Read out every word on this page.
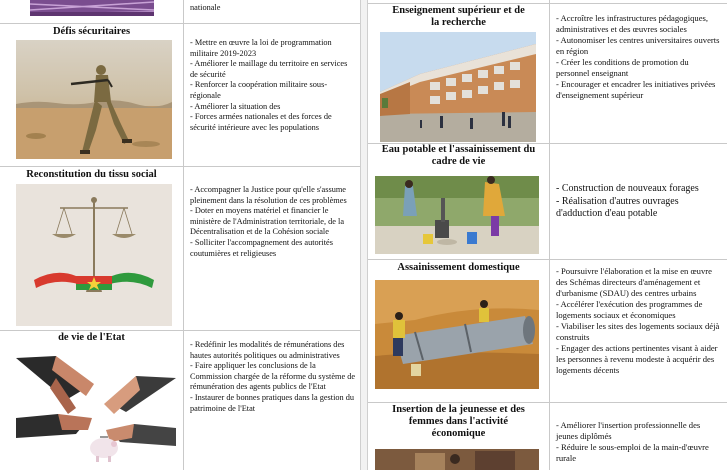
nationale
Défis sécuritaires
- Mettre en œuvre la loi de programmation militaire 2019-2023
- Améliorer le maillage du territoire en services de sécurité
- Renforcer la coopération militaire sous-régionale
- Améliorer la situation des
- Forces armées nationales et des forces de sécurité intérieure avec les populations
Reconstitution du tissu social
- Accompagner la Justice pour qu'elle s'assume pleinement dans la résolution de ces problèmes
- Doter en moyens matériel et financier le ministère de l'Administration territoriale, de la Décentralisation et de la Cohésion sociale
- Solliciter l'accompagnement des autorités coutumières et religieuses
de vie de l'Etat
- Redéfinir les modalités de rémunérations des hautes autorités politiques ou administratives
- Faire appliquer les conclusions de la Commission chargée de la réforme du système de rémunération des agents publics de l'Etat
- Instaurer de bonnes pratiques dans la gestion du patrimoine de l'Etat
Enseignement supérieur et de la recherche	- Accroître les infrastructures pédagogiques, administratives et des œuvres sociales
- Autonomiser les centres universitaires ouverts en région
- Créer les conditions de promotion du personnel enseignant
- Encourager et encadrer les initiatives privées d'enseignement supérieur
Eau potable et l'assainissement du cadre de vie
- Construction de nouveaux forages
- Réalisation d'autres ouvrages d'adduction d'eau potable
Assainissement domestique	- Poursuivre l'élaboration et la mise en œuvre des Schémas directeurs d'aménagement et d'urbanisme (SDAU) des centres urbains
- Accélérer l'exécution des programmes de logements sociaux et économiques
- Viabiliser les sites des logements sociaux déjà construits
- Engager des actions pertinentes visant à aider les personnes à revenu modeste à acquérir des logements décents
Insertion de la jeunesse et des femmes dans l'activité économique
- Améliorer l'insertion professionnelle des jeunes diplômés
- Réduire le sous-emploi de la main-d'œuvre rurale
